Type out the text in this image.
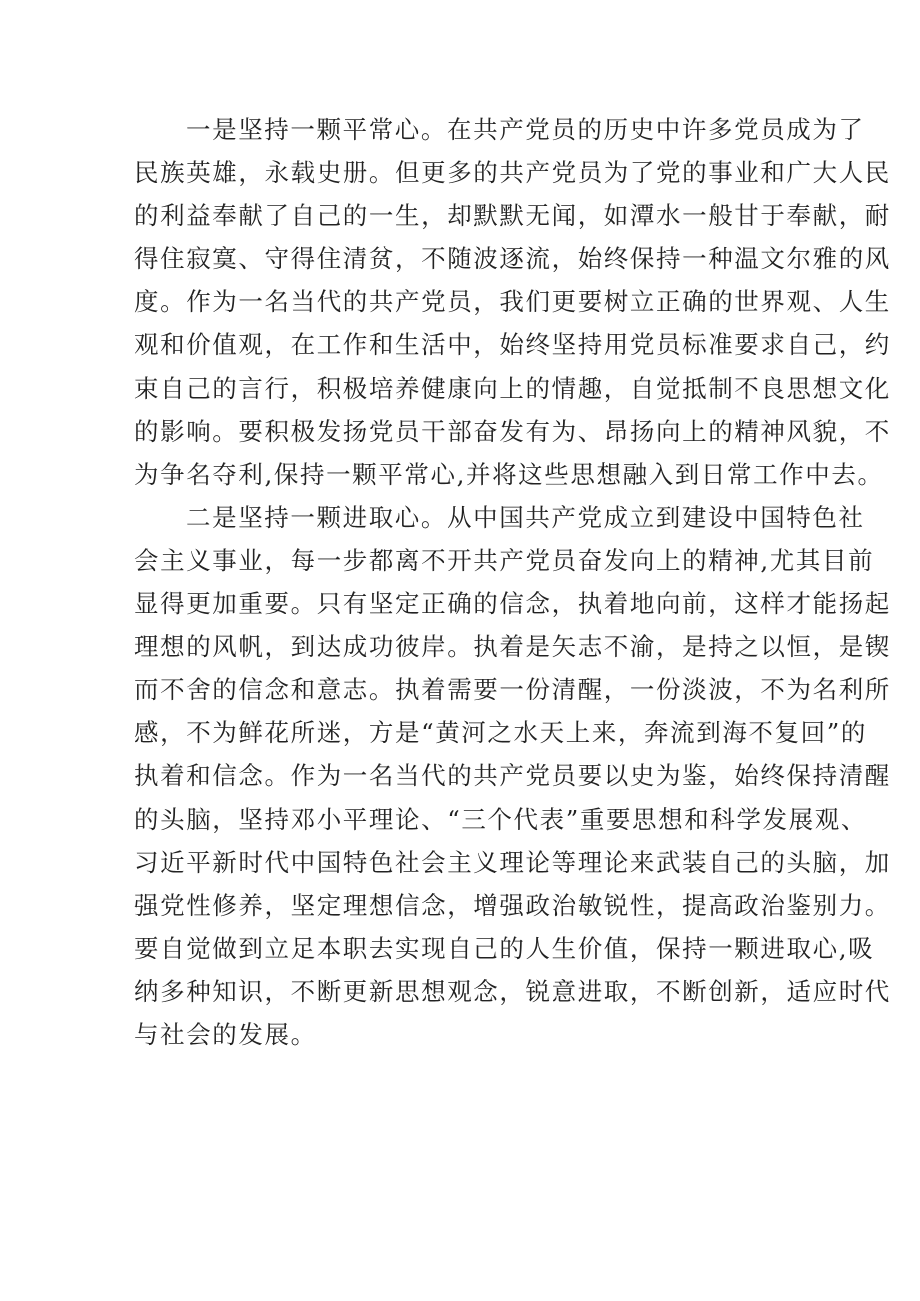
一是坚持一颗平常心。在共产党员的历史中许多党员成为了
民族英雄，永载史册。但更多的共产党员为了党的事业和广大人民
的利益奉献了自己的一生，却默默无闻，如潭水一般甘于奉献，耐
得住寂寞、守得住清贫，不随波逐流，始终保持一种温文尔雅的风
度。作为一名当代的共产党员，我们更要树立正确的世界观、人生
观和价值观，在工作和生活中，始终坚持用党员标准要求自己，约
束自己的言行，积极培养健康向上的情趣，自觉抵制不良思想文化
的影响。要积极发扬党员干部奋发有为、昂扬向上的精神风貌，不
为争名夺利,保持一颗平常心,并将这些思想融入到日常工作中去。
二是坚持一颗进取心。从中国共产党成立到建设中国特色社
会主义事业，每一步都离不开共产党员奋发向上的精神,尤其目前
显得更加重要。只有坚定正确的信念，执着地向前，这样才能扬起
理想的风帆，到达成功彼岸。执着是矢志不渝，是持之以恒，是锲
而不舍的信念和意志。执着需要一份清醒，一份淡波，不为名利所
感，不为鲜花所迷，方是“黄河之水天上来，奔流到海不复回”的
执着和信念。作为一名当代的共产党员要以史为鉴，始终保持清醒
的头脑，坚持邓小平理论、“三个代表”重要思想和科学发展观、
习近平新时代中国特色社会主义理论等理论来武装自己的头脑，加
强党性修养，坚定理想信念，增强政治敏锐性，提高政治鉴别力。
要自觉做到立足本职去实现自己的人生价值，保持一颗进取心,吸
纳多种知识，不断更新思想观念，锐意进取，不断创新，适应时代
与社会的发展。
